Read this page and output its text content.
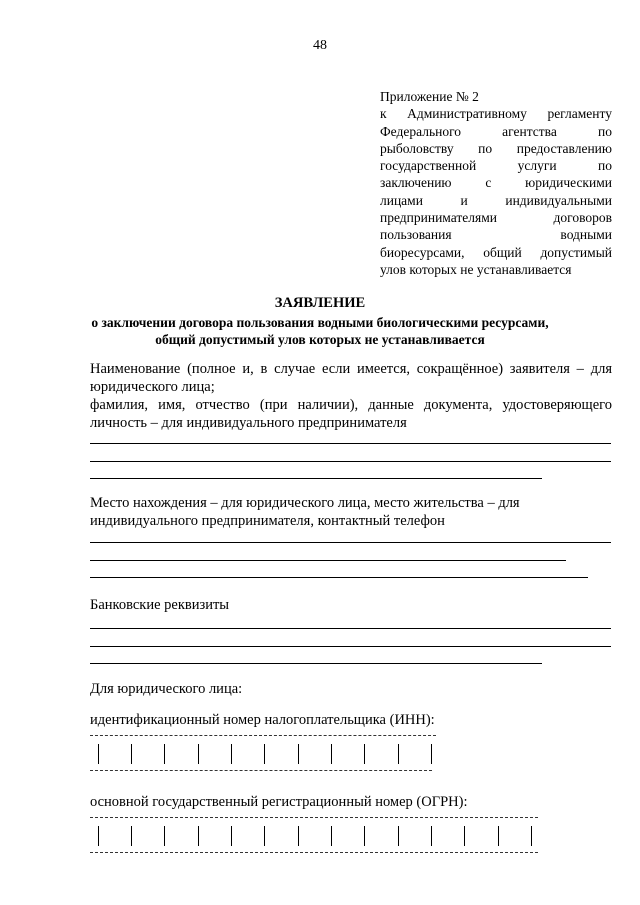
48
Приложение № 2
к Административному регламенту
Федерального агентства по
рыболовству по предоставлению
государственной услуги по
заключению с юридическими
лицами и индивидуальными
предпринимателями договоров
пользования водными
биоресурсами, общий допустимый
улов которых не устанавливается
ЗАЯВЛЕНИЕ
о заключении договора пользования водными биологическими ресурсами,
общий допустимый улов которых не устанавливается
Наименование (полное и, в случае если имеется, сокращённое) заявителя – для юридического лица;
фамилия, имя, отчество (при наличии), данные документа, удостоверяющего личность – для индивидуального предпринимателя
Место нахождения – для юридического лица, место жительства – для индивидуального предпринимателя, контактный телефон
Банковские реквизиты
Для юридического лица:
идентификационный номер налогоплательщика (ИНН):
основной государственный регистрационный номер (ОГРН):
